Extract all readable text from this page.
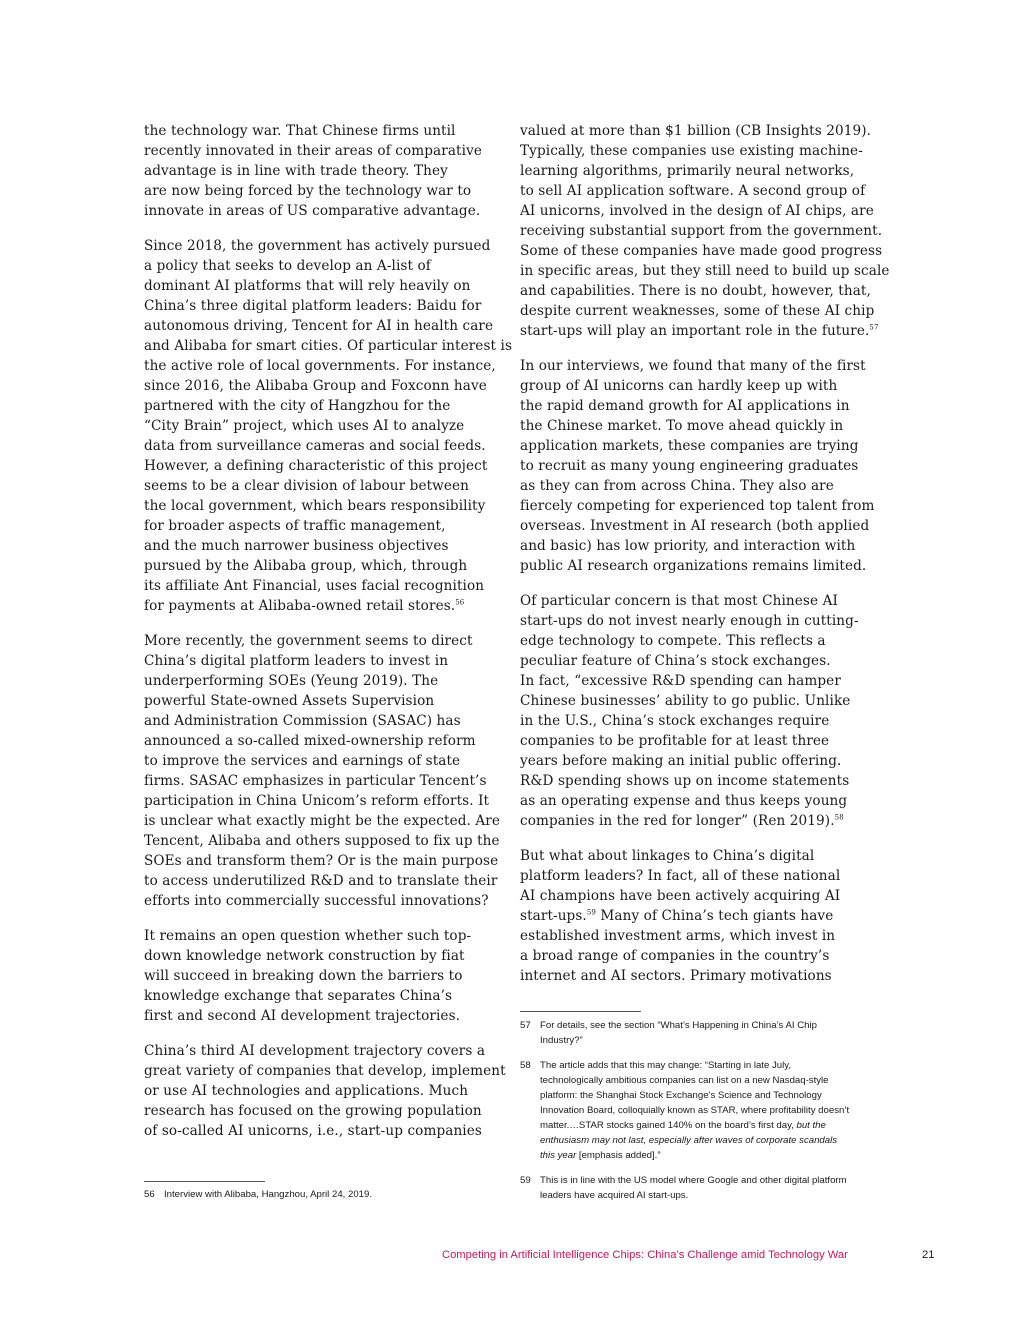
the technology war. That Chinese firms until
recently innovated in their areas of comparative
advantage is in line with trade theory. They
are now being forced by the technology war to
innovate in areas of US comparative advantage.
Since 2018, the government has actively pursued
a policy that seeks to develop an A-list of
dominant AI platforms that will rely heavily on
China’s three digital platform leaders: Baidu for
autonomous driving, Tencent for AI in health care
and Alibaba for smart cities. Of particular interest is
the active role of local governments. For instance,
since 2016, the Alibaba Group and Foxconn have
partnered with the city of Hangzhou for the
“City Brain” project, which uses AI to analyze
data from surveillance cameras and social feeds.
However, a defining characteristic of this project
seems to be a clear division of labour between
the local government, which bears responsibility
for broader aspects of traffic management,
and the much narrower business objectives
pursued by the Alibaba group, which, through
its affiliate Ant Financial, uses facial recognition
for payments at Alibaba-owned retail stores.$^{56}$
More recently, the government seems to direct
China’s digital platform leaders to invest in
underperforming SOEs (Yeung 2019). The
powerful State-owned Assets Supervision
and Administration Commission (SASAC) has
announced a so-called mixed-ownership reform
to improve the services and earnings of state
firms. SASAC emphasizes in particular Tencent’s
participation in China Unicom’s reform efforts. It
is unclear what exactly might be the expected. Are
Tencent, Alibaba and others supposed to fix up the
SOEs and transform them? Or is the main purpose
to access underutilized R&D and to translate their
efforts into commercially successful innovations?
It remains an open question whether such top-
down knowledge network construction by fiat
will succeed in breaking down the barriers to
knowledge exchange that separates China’s
first and second AI development trajectories.
China’s third AI development trajectory covers a
great variety of companies that develop, implement
or use AI technologies and applications. Much
research has focused on the growing population
of so-called AI unicorns, i.e., start-up companies
valued at more than $1 billion (CB Insights 2019).
Typically, these companies use existing machine-
learning algorithms, primarily neural networks,
to sell AI application software. A second group of
AI unicorns, involved in the design of AI chips, are
receiving substantial support from the government.
Some of these companies have made good progress
in specific areas, but they still need to build up scale
and capabilities. There is no doubt, however, that,
despite current weaknesses, some of these AI chip
start-ups will play an important role in the future.$^{57}$
In our interviews, we found that many of the first
group of AI unicorns can hardly keep up with
the rapid demand growth for AI applications in
the Chinese market. To move ahead quickly in
application markets, these companies are trying
to recruit as many young engineering graduates
as they can from across China. They also are
fiercely competing for experienced top talent from
overseas. Investment in AI research (both applied
and basic) has low priority, and interaction with
public AI research organizations remains limited.
Of particular concern is that most Chinese AI
start-ups do not invest nearly enough in cutting-
edge technology to compete. This reflects a
peculiar feature of China’s stock exchanges.
In fact, “excessive R&D spending can hamper
Chinese businesses’ ability to go public. Unlike
in the U.S., China’s stock exchanges require
companies to be profitable for at least three
years before making an initial public offering.
R&D spending shows up on income statements
as an operating expense and thus keeps young
companies in the red for longer” (Ren 2019).$^{58}$
But what about linkages to China’s digital
platform leaders? In fact, all of these national
AI champions have been actively acquiring AI
start-ups.$^{59}$ Many of China’s tech giants have
established investment arms, which invest in
a broad range of companies in the country’s
internet and AI sectors. Primary motivations
56 Interview with Alibaba, Hangzhou, April 24, 2019.
57 For details, see the section “What’s Happening in China’s AI Chip
Industry?”
58 The article adds that this may change: “Starting in late July,
technologically ambitious companies can list on a new Nasdaq-style
platform: the Shanghai Stock Exchange’s Science and Technology
Innovation Board, colloquially known as STAR, where profitability doesn’t
matter.…STAR stocks gained 140% on the board’s first day, but the
enthusiasm may not last, especially after waves of corporate scandals
this year [emphasis added].”
59 This is in line with the US model where Google and other digital platform
leaders have acquired AI start-ups.
Competing in Artificial Intelligence Chips: China’s Challenge amid Technology War	21
